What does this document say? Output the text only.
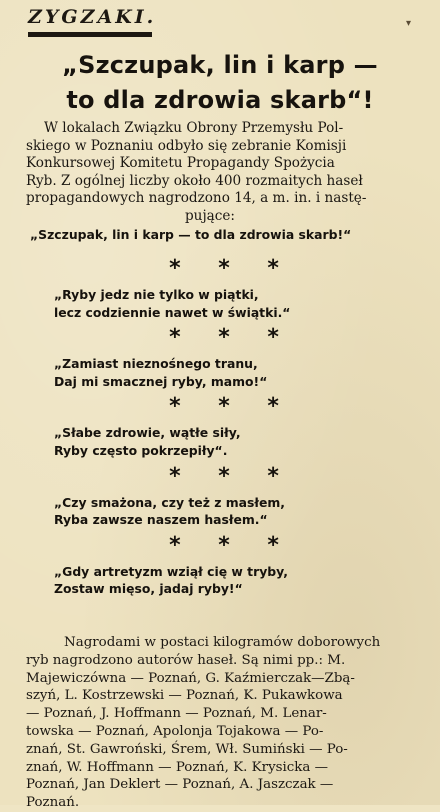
ZYGZAKI.	▾
„Szczupak, lin i karp —
to dla zdrowia skarb“!
W lokalach Związku Obrony Przemysłu Pol-
skiego w Poznaniu odbyło się zebranie Komisji
Konkursowej Komitetu Propagandy Spożycia
Ryb. Z ogólnej liczby około 400 rozmaitych haseł
propagandowych nagrodzono 14, a m. in. i nastę-
pujące:
„Szczupak, lin i karp — to dla zdrowia skarb!“
* * *
„Ryby jedz nie tylko w piątki,
lecz codziennie nawet w świątki.“
* * *
„Zamiast nieznośnego tranu,
Daj mi smacznej ryby, mamo!“
* * *
„Słabe zdrowie, wątłe siły,
Ryby często pokrzepiły“.
* * *
„Czy smażona, czy też z masłem,
Ryba zawsze naszem hasłem.“
* * *
„Gdy artretyzm wziął cię w tryby,
Zostaw mięso, jadaj ryby!“
Nagrodami w postaci kilogramów doborowych
ryb nagrodzono autorów haseł. Są nimi pp.: M.
Majewiczówna — Poznań, G. Kaźmierczak—Zbą-
szyń, L. Kostrzewski — Poznań, K. Pukawkowa
— Poznań, J. Hoffmann — Poznań, M. Lenar-
towska — Poznań, Apolonja Tojakowa — Po-
znań, St. Gawroński, Śrem, Wł. Sumiński — Po-
znań, W. Hoffmann — Poznań, K. Krysicka —
Poznań, Jan Deklert — Poznań, A. Jaszczak —
Poznań.
